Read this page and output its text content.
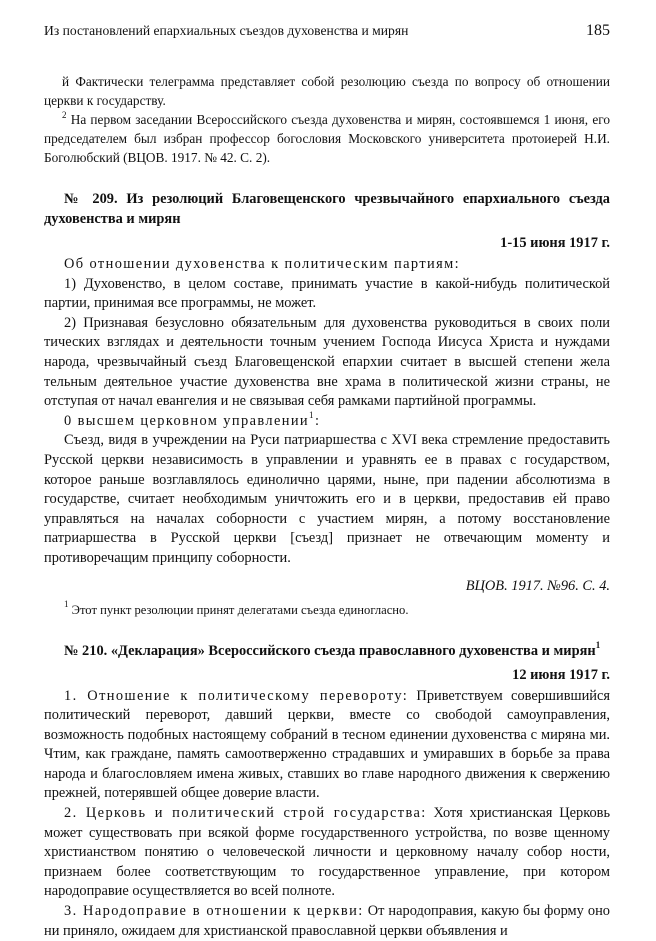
Из постановлений епархиальных съездов духовенства и мирян	185

й Фактически телеграмма представляет собой резолюцию съезда по вопросу об отношении церкви к государству.

$^2$ На первом заседании Всероссийского съезда духовенства и мирян, состоявшемся 1 июня, его председателем был избран профессор богословия Московского университета протоиерей Н.И. Боголюбский (ВЦОВ. 1917. № 42. С. 2).

№ 209. Из резолюций Благовещенского чрезвычайного епархиального съезда духовенства и мирян

1-15 июня 1917 г.

Об отношении духовенства к политическим партиям:

1) Духовенство, в целом составе, принимать участие в какой-нибудь политической партии, принимая все программы, не может.

2) Признавая безусловно обязательным для духовенства руководиться в своих поли тических взглядах и деятельности точным учением Господа Иисуса Христа и нуждами народа, чрезвычайный съезд Благовещенской епархии считает в высшей степени жела тельным деятельное участие духовенства вне храма в политической жизни страны, не отступая от начал евангелия и не связывая себя рамками партийной программы.

0 высшем церковном управлении$^1$:

Съезд, видя в учреждении на Руси патриаршества с XVI века стремление предоставить Русской церкви независимость в управлении и уравнять ее в правах с государством, которое раньше возглавлялось единолично царями, ныне, при падении абсолютизма в государстве, считает необходимым уничтожить его и в церкви, предоставив ей право управляться на началах соборности с участием мирян, а потому восстановление патриаршества в Русской церкви [съезд] признает не отвечающим моменту и противоречащим принципу соборности.

ВЦОВ. 1917. №96. С. 4.

$^1$ Этот пункт резолюции принят делегатами съезда единогласно.

№ 210. «Декларация» Всероссийского съезда православного духовенства и мирян$^1$

12 июня 1917 г.

1. Отношение к политическому перевороту: Приветствуем совершившийся политический переворот, давший церкви, вместе со свободой самоуправления, возможность подобных настоящему собраний в тесном единении духовенства с миряна ми. Чтим, как граждане, память самоотверженно страдавших и умиравших в борьбе за права народа и благословляем имена живых, ставших во главе народного движения к свержению прежней, потерявшей общее доверие власти.

2. Церковь и политический строй государства: Хотя христианская Церковь может существовать при всякой форме государственного устройства, по возве щенному христианством понятию о человеческой личности и церковному началу собор ности, признаем более соответствующим то государственное управление, при котором народоправие осуществляется во всей полноте.

3. Народоправие в отношении к церкви: От народоправия, какую бы форму оно ни приняло, ожидаем для христианской православной церкви объявления и
